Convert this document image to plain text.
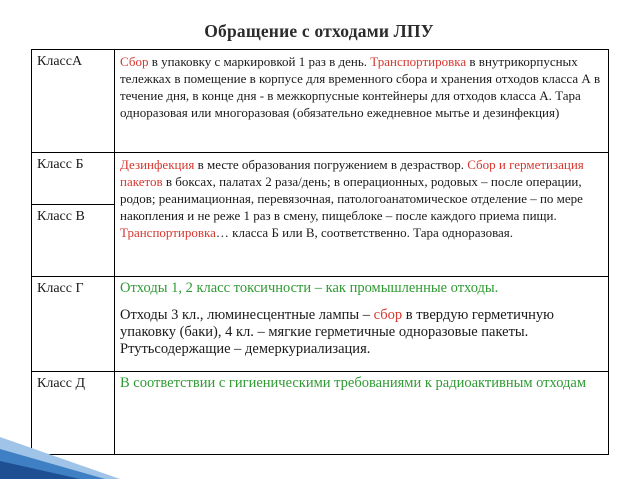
Обращение с отходами ЛПУ
КлассА	Сбор в упаковку с маркировкой 1 раз в день. Транспортировка в внутрикорпусных тележках в помещение в корпусе для временного сбора и хранения отходов класса А в течение дня, в конце дня - в межкорпусные контейнеры для отходов класса А. Тара одноразовая или многоразовая (обязательно ежедневное мытье и дезинфекция)
Класс Б	Дезинфекция в месте образования погружением в дезраствор. Сбор и герметизация пакетов в боксах, палатах 2 раза/день; в операционных, родовых – после операции, родов; реанимационная, перевязочная, патологоанатомическое отделение – по мере накопления и не реже 1 раз в смену, пищеблоке – после каждого приема пищи. Транспортировка… класса Б или В, соответственно. Тара одноразовая.
Класс В	
Класс Г	Отходы 1, 2 класс токсичности – как промышленные отходы.
Отходы 3 кл., люминесцентные лампы – сбор в твердую герметичную упаковку (баки), 4 кл. – мягкие герметичные одноразовые пакеты. Ртутьсодержащие – демеркуриализация.

Класс Д	В соответствии с гигиеническими требованиями к радиоактивным отходам
